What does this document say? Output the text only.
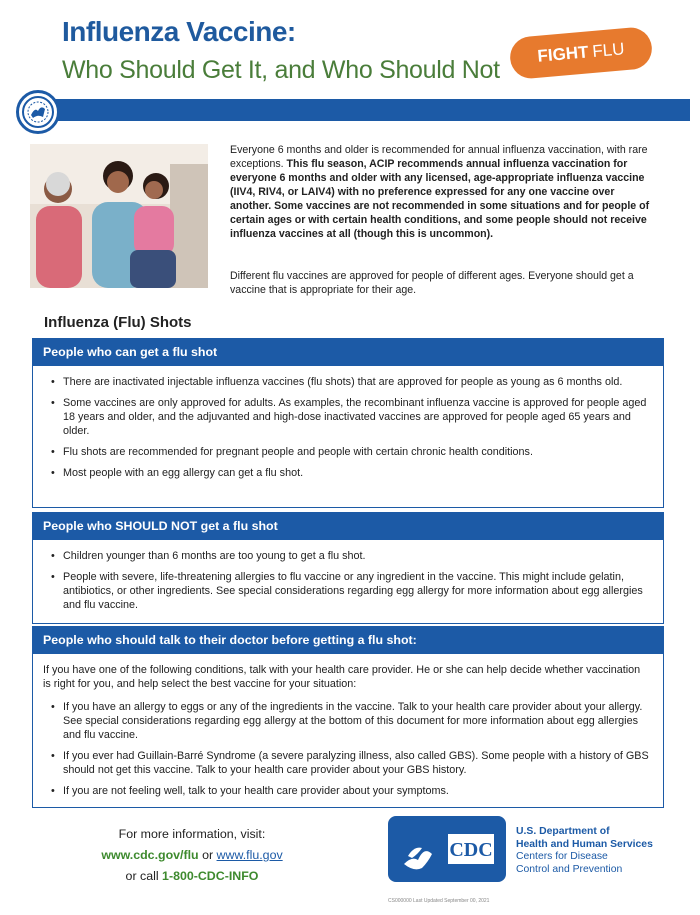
Influenza Vaccine:
Who Should Get It, and Who Should Not
FIGHT FLU
Everyone 6 months and older is recommended for annual influenza vaccination, with rare exceptions. This flu season, ACIP recommends annual influenza vaccination for everyone 6 months and older with any licensed, age-appropriate influenza vaccine (IIV4, RIV4, or LAIV4) with no preference expressed for any one vaccine over another. Some vaccines are not recommended in some situations and for people of certain ages or with certain health conditions, and some people should not receive influenza vaccines at all (though this is uncommon).
Different flu vaccines are approved for people of different ages. Everyone should get a vaccine that is appropriate for their age.
Influenza (Flu) Shots
People who can get a flu shot
• There are inactivated injectable influenza vaccines (flu shots) that are approved for people as young as 6 months old.
• Some vaccines are only approved for adults. As examples, the recombinant influenza vaccine is approved for people aged 18 years and older, and the adjuvanted and high-dose inactivated vaccines are approved for people aged 65 years and older.
• Flu shots are recommended for pregnant people and people with certain chronic health conditions.
• Most people with an egg allergy can get a flu shot.
People who SHOULD NOT get a flu shot
• Children younger than 6 months are too young to get a flu shot.
• People with severe, life-threatening allergies to flu vaccine or any ingredient in the vaccine. This might include gelatin, antibiotics, or other ingredients. See special considerations regarding egg allergy for more information about egg allergies and flu vaccine.
People who should talk to their doctor before getting a flu shot:

If you have one of the following conditions, talk with your health care provider. He or she can help decide whether vaccination is right for you, and help select the best vaccine for your situation:

• If you have an allergy to eggs or any of the ingredients in the vaccine. Talk to your health care provider about your allergy. See special considerations regarding egg allergy at the bottom of this document for more information about egg allergies and flu vaccine.
• If you ever had Guillain-Barré Syndrome (a severe paralyzing illness, also called GBS). Some people with a history of GBS should not get this vaccine. Talk to your health care provider about your GBS history.
• If you are not feeling well, talk to your health care provider about your symptoms.
For more information, visit:
www.cdc.gov/flu or www.flu.gov
or call 1-800-CDC-INFO
CDC
U.S. Department of
Health and Human Services
Centers for Disease
Control and Prevention
CS000000 Last Updated September 00, 2021
